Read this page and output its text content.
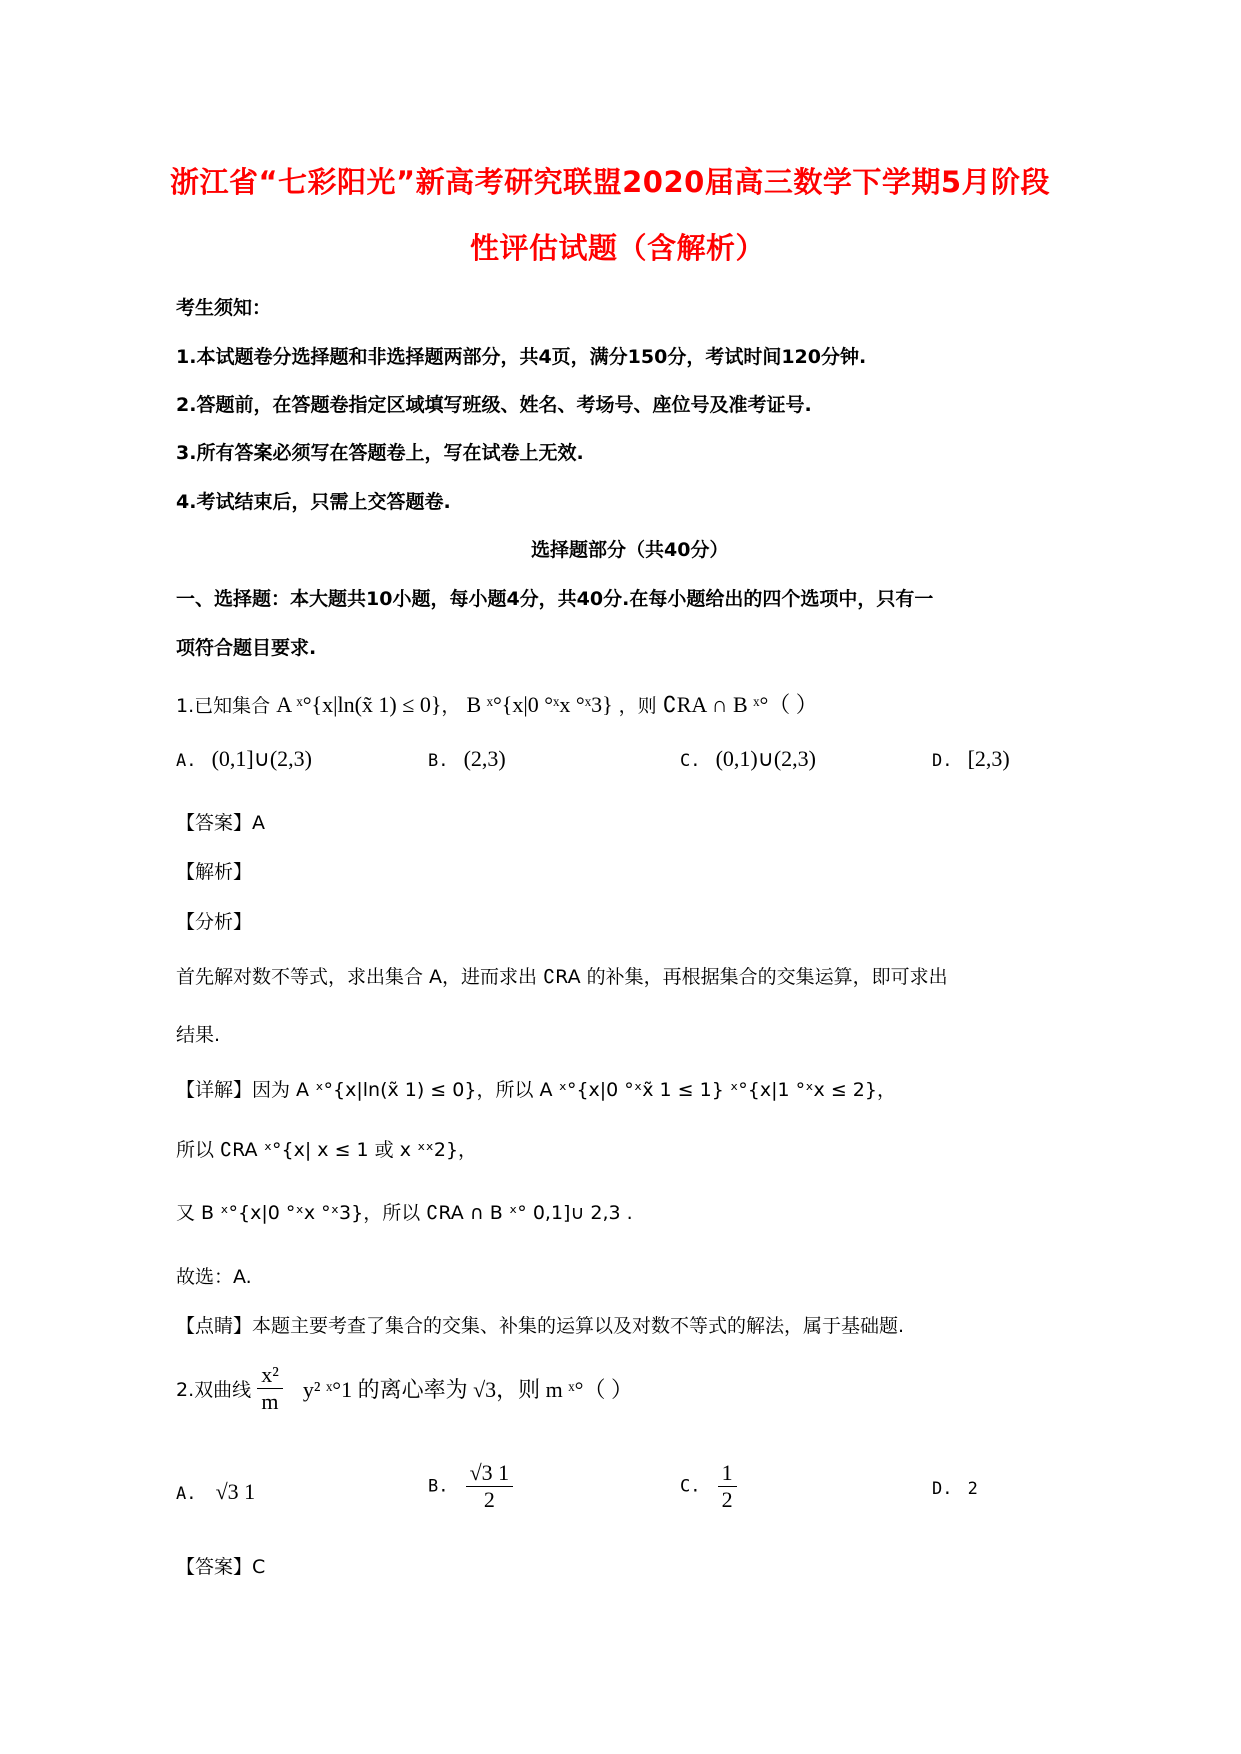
浙江省“七彩阳光”新高考研究联盟2020届高三数学下学期5月阶段
性评估试题（含解析）
考生须知：
1.本试题卷分选择题和非选择题两部分，共4页，满分150分，考试时间120分钟.
2.答题前，在答题卷指定区域填写班级、姓名、考场号、座位号及准考证号.
3.所有答案必须写在答题卷上，写在试卷上无效.
4.考试结束后，只需上交答题卷.
选择题部分（共40分）
一、选择题：本大题共10小题，每小题4分，共40分.在每小题给出的四个选项中，只有一
项符合题目要求.
1.已知集合 A ˣ°{x|ln(x̃ 1) ≤ 0}， B ˣ°{x|0 °ˣx °ˣ3} ，则 ∁RA ∩ B ˣ°（ ）
A. (0,1]∪(2,3)	B. (2,3)	C. (0,1)∪(2,3)	D. [2,3)
【答案】A
【解析】
【分析】
首先解对数不等式，求出集合 A，进而求出 ∁RA 的补集，再根据集合的交集运算，即可求出
结果.
【详解】因为 A ˣ°{x|ln(x̃ 1) ≤ 0}，所以 A ˣ°{x|0 °ˣx̃ 1 ≤ 1} ˣ°{x|1 °ˣx ≤ 2}，
所以 ∁RA ˣ°{x| x ≤ 1 或 x ˣˣ2}，
又 B ˣ°{x|0 °ˣx °ˣ3}，所以 ∁RA ∩ B ˣ° 0,1]∪ 2,3 .
故选：A.
【点睛】本题主要考查了集合的交集、补集的运算以及对数不等式的解法，属于基础题.
2.双曲线 $\frac{\text{x²}}{m} y^2$ ˣ°1 的离心率为 √3，则 m ˣ°（ ）
A. √3 1	B. $\frac{√3 1}{2}$	C. $\frac{1}{2}$	D. 2
【答案】C
